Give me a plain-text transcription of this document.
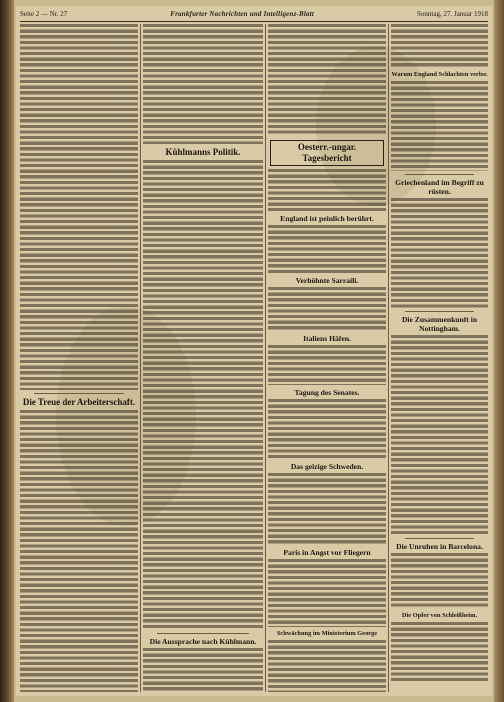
Seite 2 — Nr. 27	Frankfurter Nachrichten und Intelligenz-Blatt	Sonntag, 27. Januar 1918
Die Treue der Arbeiterschaft.
Kühlmanns Politik.
Die Aussprache nach Kühlmann.
Oesterr.-ungar. Tagesbericht
England ist peinlich berührt.
Verhöhnte Sarraili.
Italiens Häfen.
Tagung des Senates.
Das geizige Schweden.
Paris in Angst vor Fliegern
Schwächung im Ministerium George
Warum England Schlachten verlor.
Griechenland im Begriff zu rüsten.
Die Zusammenkunft in Nottingham.
Die Unruhen in Barcelona.
Die Opfer von Schleißheim.
